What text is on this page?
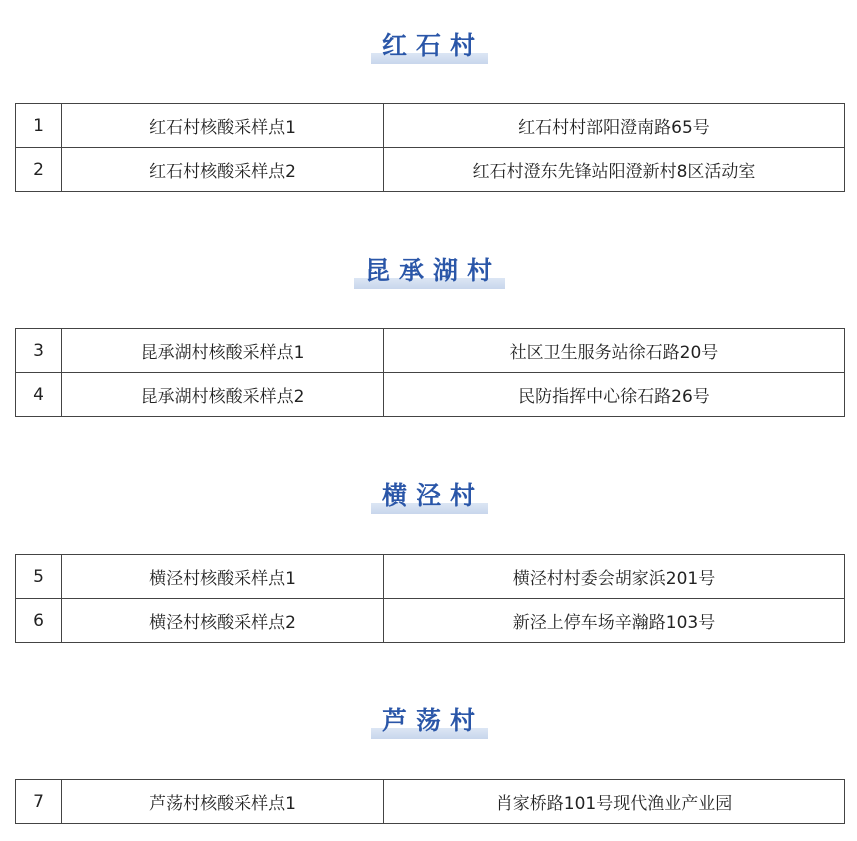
红石村
1	红石村核酸采样点1	红石村村部阳澄南路65号
2	红石村核酸采样点2	红石村澄东先锋站阳澄新村8区活动室
昆承湖村
3	昆承湖村核酸采样点1	社区卫生服务站徐石路20号
4	昆承湖村核酸采样点2	民防指挥中心徐石路26号
横泾村
5	横泾村核酸采样点1	横泾村村委会胡家浜201号
6	横泾村核酸采样点2	新泾上停车场辛瀚路103号
芦荡村
7	芦荡村核酸采样点1	肖家桥路101号现代渔业产业园
